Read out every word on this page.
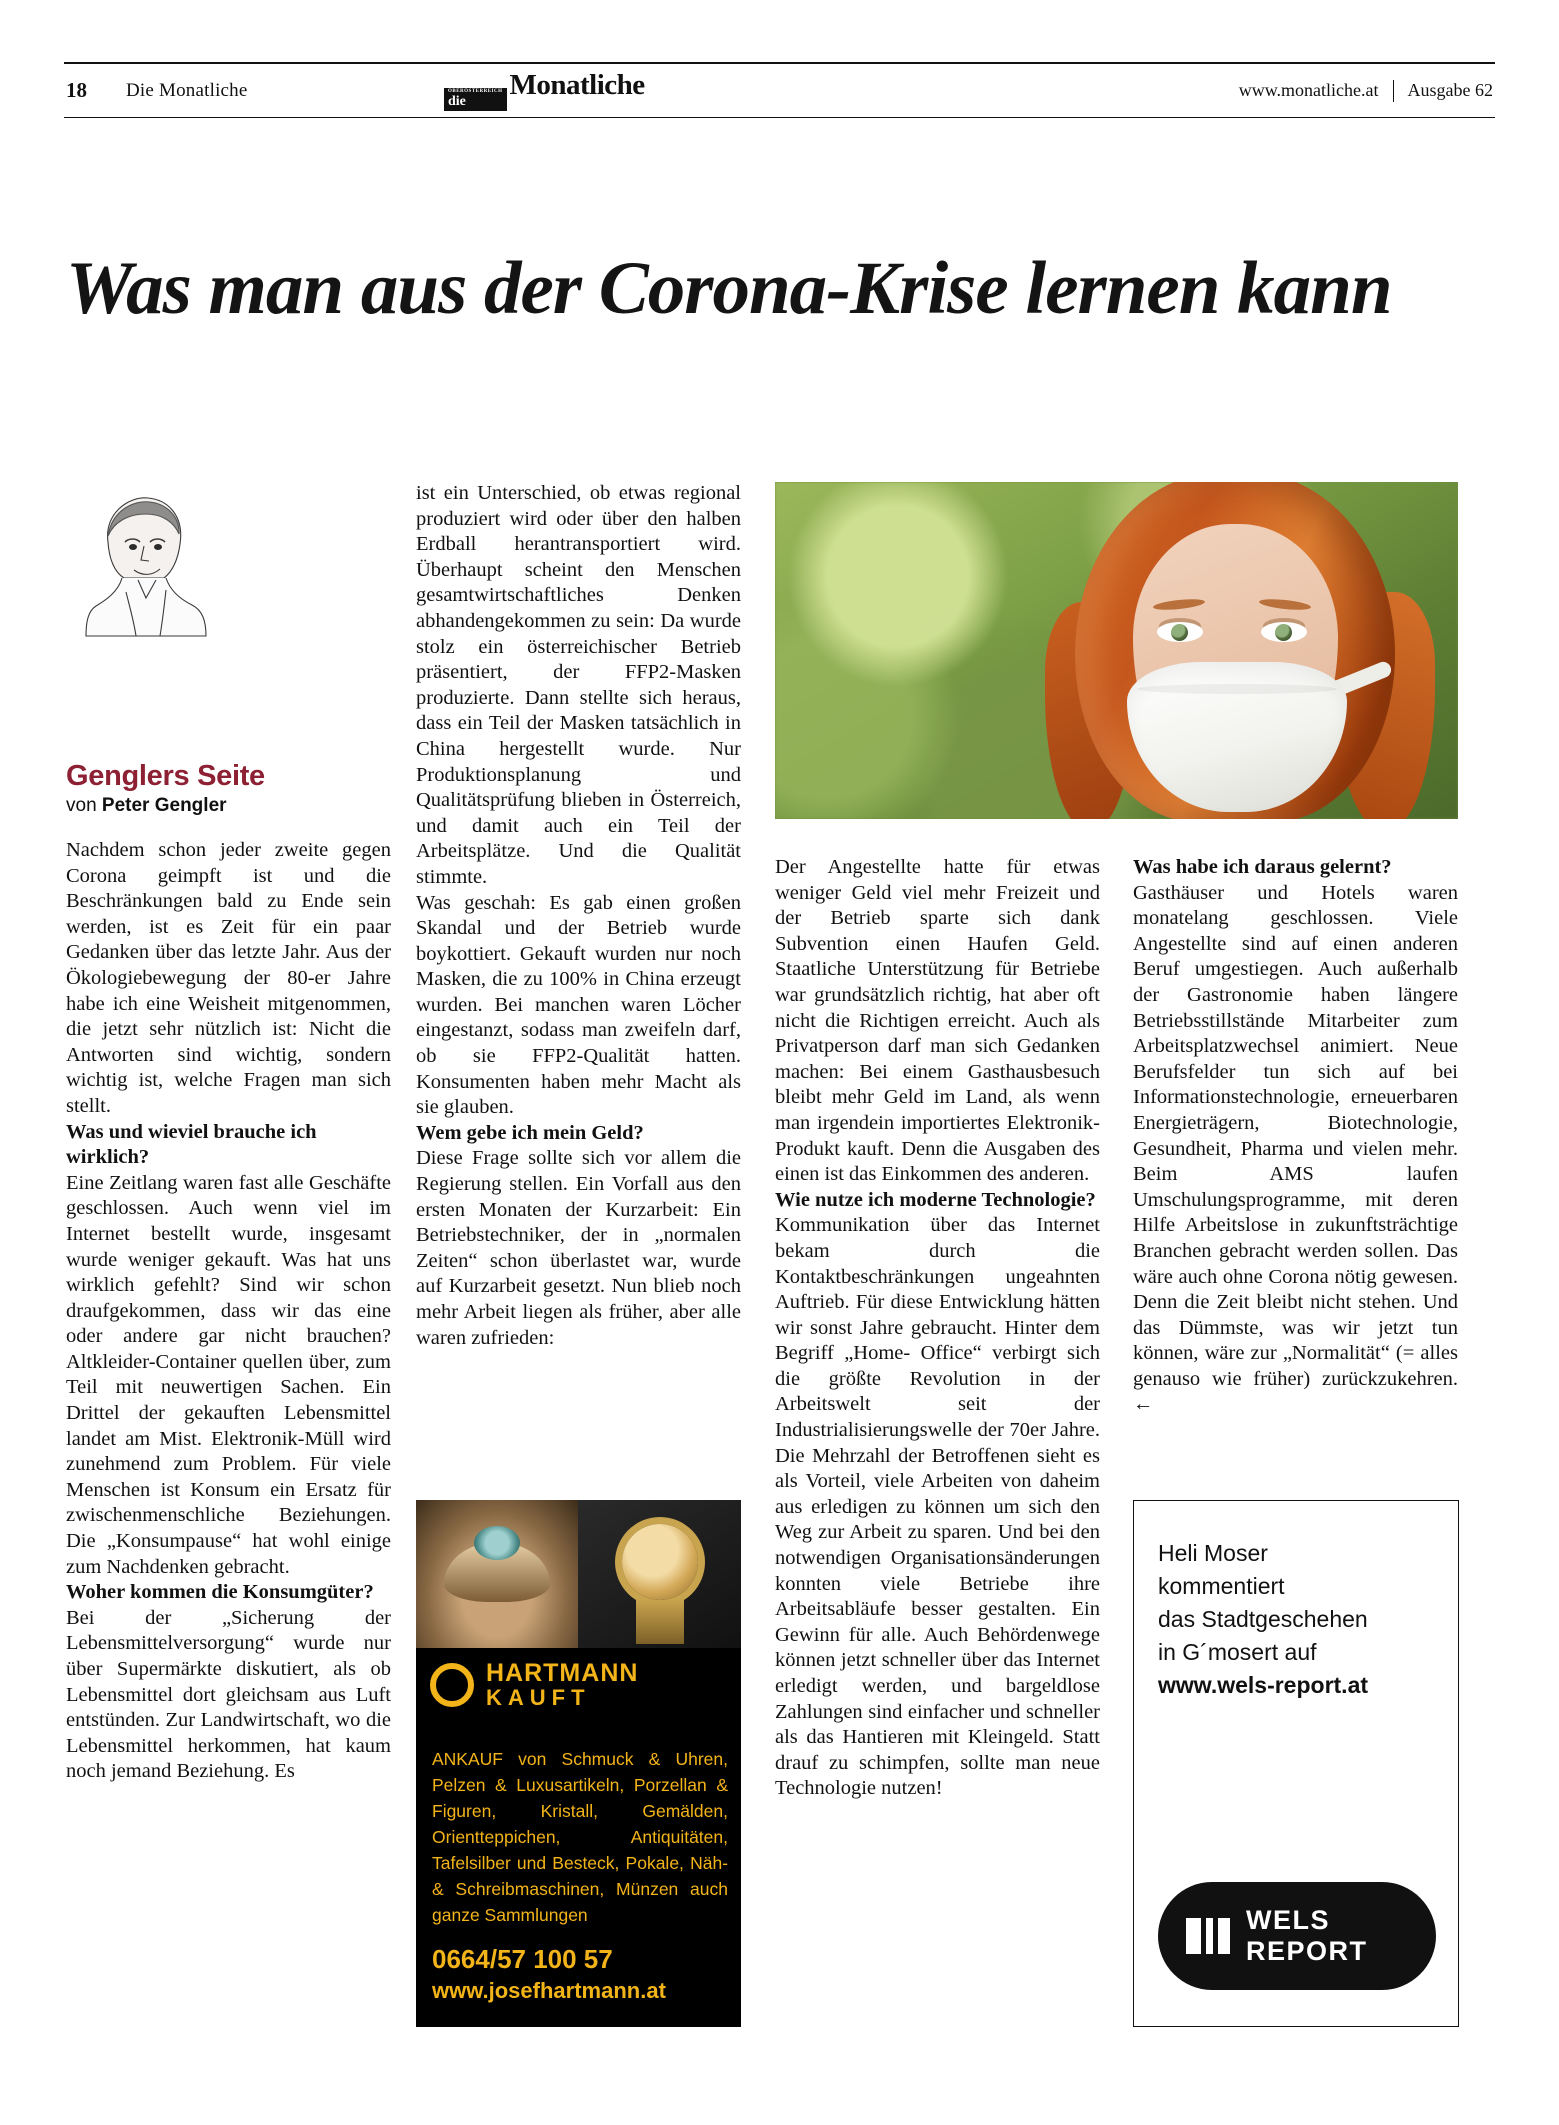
18	Die Monatliche	OBERÖSTERREICH
die
Monatliche	www.monatliche.at	Ausgabe 62
Was man aus der Corona-Krise lernen kann
Genglers Seite
von Peter Gengler

Nachdem schon jeder zweite gegen Corona geimpft ist und die Beschränkungen bald zu Ende sein werden, ist es Zeit für ein paar Gedanken über das letzte Jahr. Aus der Ökologiebewegung der 80-er Jahre habe ich eine Weisheit mitgenommen, die jetzt sehr nützlich ist: Nicht die Antworten sind wichtig, sondern wichtig ist, welche Fragen man sich stellt.

Was und wieviel brauche ich wirklich?

Eine Zeitlang waren fast alle Geschäfte geschlossen. Auch wenn viel im Internet bestellt wurde, insgesamt wurde weniger gekauft. Was hat uns wirklich gefehlt? Sind wir schon draufgekommen, dass wir das eine oder andere gar nicht brauchen? Altkleider-Container quellen über, zum Teil mit neuwertigen Sachen. Ein Drittel der gekauften Lebensmittel landet am Mist. Elektronik-Müll wird zunehmend zum Problem. Für viele Menschen ist Konsum ein Ersatz für zwischenmenschliche Beziehungen. Die „Konsumpause“ hat wohl einige zum Nachdenken gebracht.

Woher kommen die Konsumgüter?

Bei der „Sicherung der Lebensmittelversorgung“ wurde nur über Supermärkte diskutiert, als ob Lebensmittel dort gleichsam aus Luft entstünden. Zur Landwirtschaft, wo die Lebensmittel herkommen, hat kaum noch jemand Beziehung. Es

ist ein Unterschied, ob etwas regional produziert wird oder über den halben Erdball herantransportiert wird. Überhaupt scheint den Menschen gesamtwirtschaftliches Denken abhandengekommen zu sein: Da wurde stolz ein österreichischer Betrieb präsentiert, der FFP2-Masken produzierte. Dann stellte sich heraus, dass ein Teil der Masken tatsächlich in China hergestellt wurde. Nur Produktionsplanung und Qualitätsprüfung blieben in Österreich, und damit auch ein Teil der Arbeitsplätze. Und die Qualität stimmte.

Was geschah: Es gab einen großen Skandal und der Betrieb wurde boykottiert. Gekauft wurden nur noch Masken, die zu 100% in China erzeugt wurden. Bei manchen waren Löcher eingestanzt, sodass man zweifeln darf, ob sie FFP2-Qualität hatten. Konsumenten haben mehr Macht als sie glauben.

Wem gebe ich mein Geld?

Diese Frage sollte sich vor allem die Regierung stellen. Ein Vorfall aus den ersten Monaten der Kurzarbeit: Ein Betriebstechniker, der in „normalen Zeiten“ schon überlastet war, wurde auf Kurzarbeit gesetzt. Nun blieb noch mehr Arbeit liegen als früher, aber alle waren zufrieden:

Der Angestellte hatte für etwas weniger Geld viel mehr Freizeit und der Betrieb sparte sich dank Subvention einen Haufen Geld. Staatliche Unterstützung für Betriebe war grundsätzlich richtig, hat aber oft nicht die Richtigen erreicht. Auch als Privatperson darf man sich Gedanken machen: Bei einem Gasthausbesuch bleibt mehr Geld im Land, als wenn man irgendein importiertes Elektronik-Produkt kauft. Denn die Ausgaben des einen ist das Einkommen des anderen.

Wie nutze ich moderne Technologie?

Kommunikation über das Internet bekam durch die Kontaktbeschränkungen ungeahnten Auftrieb. Für diese Entwicklung hätten wir sonst Jahre gebraucht. Hinter dem Begriff „Home- Office“ verbirgt sich die größte Revolution in der Arbeitswelt seit der Industrialisierungswelle der 70er Jahre. Die Mehrzahl der Betroffenen sieht es als Vorteil, viele Arbeiten von daheim aus erledigen zu können um sich den Weg zur Arbeit zu sparen. Und bei den notwendigen Organisationsänderungen konnten viele Betriebe ihre Arbeitsabläufe besser gestalten. Ein Gewinn für alle. Auch Behördenwege können jetzt schneller über das Internet erledigt werden, und bargeldlose Zahlungen sind einfacher und schneller als das Hantieren mit Kleingeld. Statt drauf zu schimpfen, sollte man neue Technologie nutzen!

Was habe ich daraus gelernt?

Gasthäuser und Hotels waren monatelang geschlossen. Viele Angestellte sind auf einen anderen Beruf umgestiegen. Auch außerhalb der Gastronomie haben längere Betriebsstillstände Mitarbeiter zum Arbeitsplatzwechsel animiert. Neue Berufsfelder tun sich auf bei Informationstechnologie, erneuerbaren Energieträgern, Biotechnologie, Gesundheit, Pharma und vielen mehr. Beim AMS laufen Umschulungsprogramme, mit deren Hilfe Arbeitslose in zukunftsträchtige Branchen gebracht werden sollen. Das wäre auch ohne Corona nötig gewesen. Denn die Zeit bleibt nicht stehen. Und das Dümmste, was wir jetzt tun können, wäre zur „Normalität“ (= alles genauso wie früher) zurückzukehren. ←

HARTMANN
KAUFT
ANKAUF von Schmuck & Uhren, Pelzen & Luxusartikeln, Porzellan & Figuren, Kristall, Gemälden, Orientteppichen, Antiquitäten, Tafelsilber und Besteck, Pokale, Näh- & Schreibmaschinen, Münzen auch ganze Sammlungen
0664/57 100 57
www.josefhartmann.at
Heli Moser
kommentiert
das Stadtgeschehen
in G´mosert auf
www.wels-report.at
WELS REPORT
